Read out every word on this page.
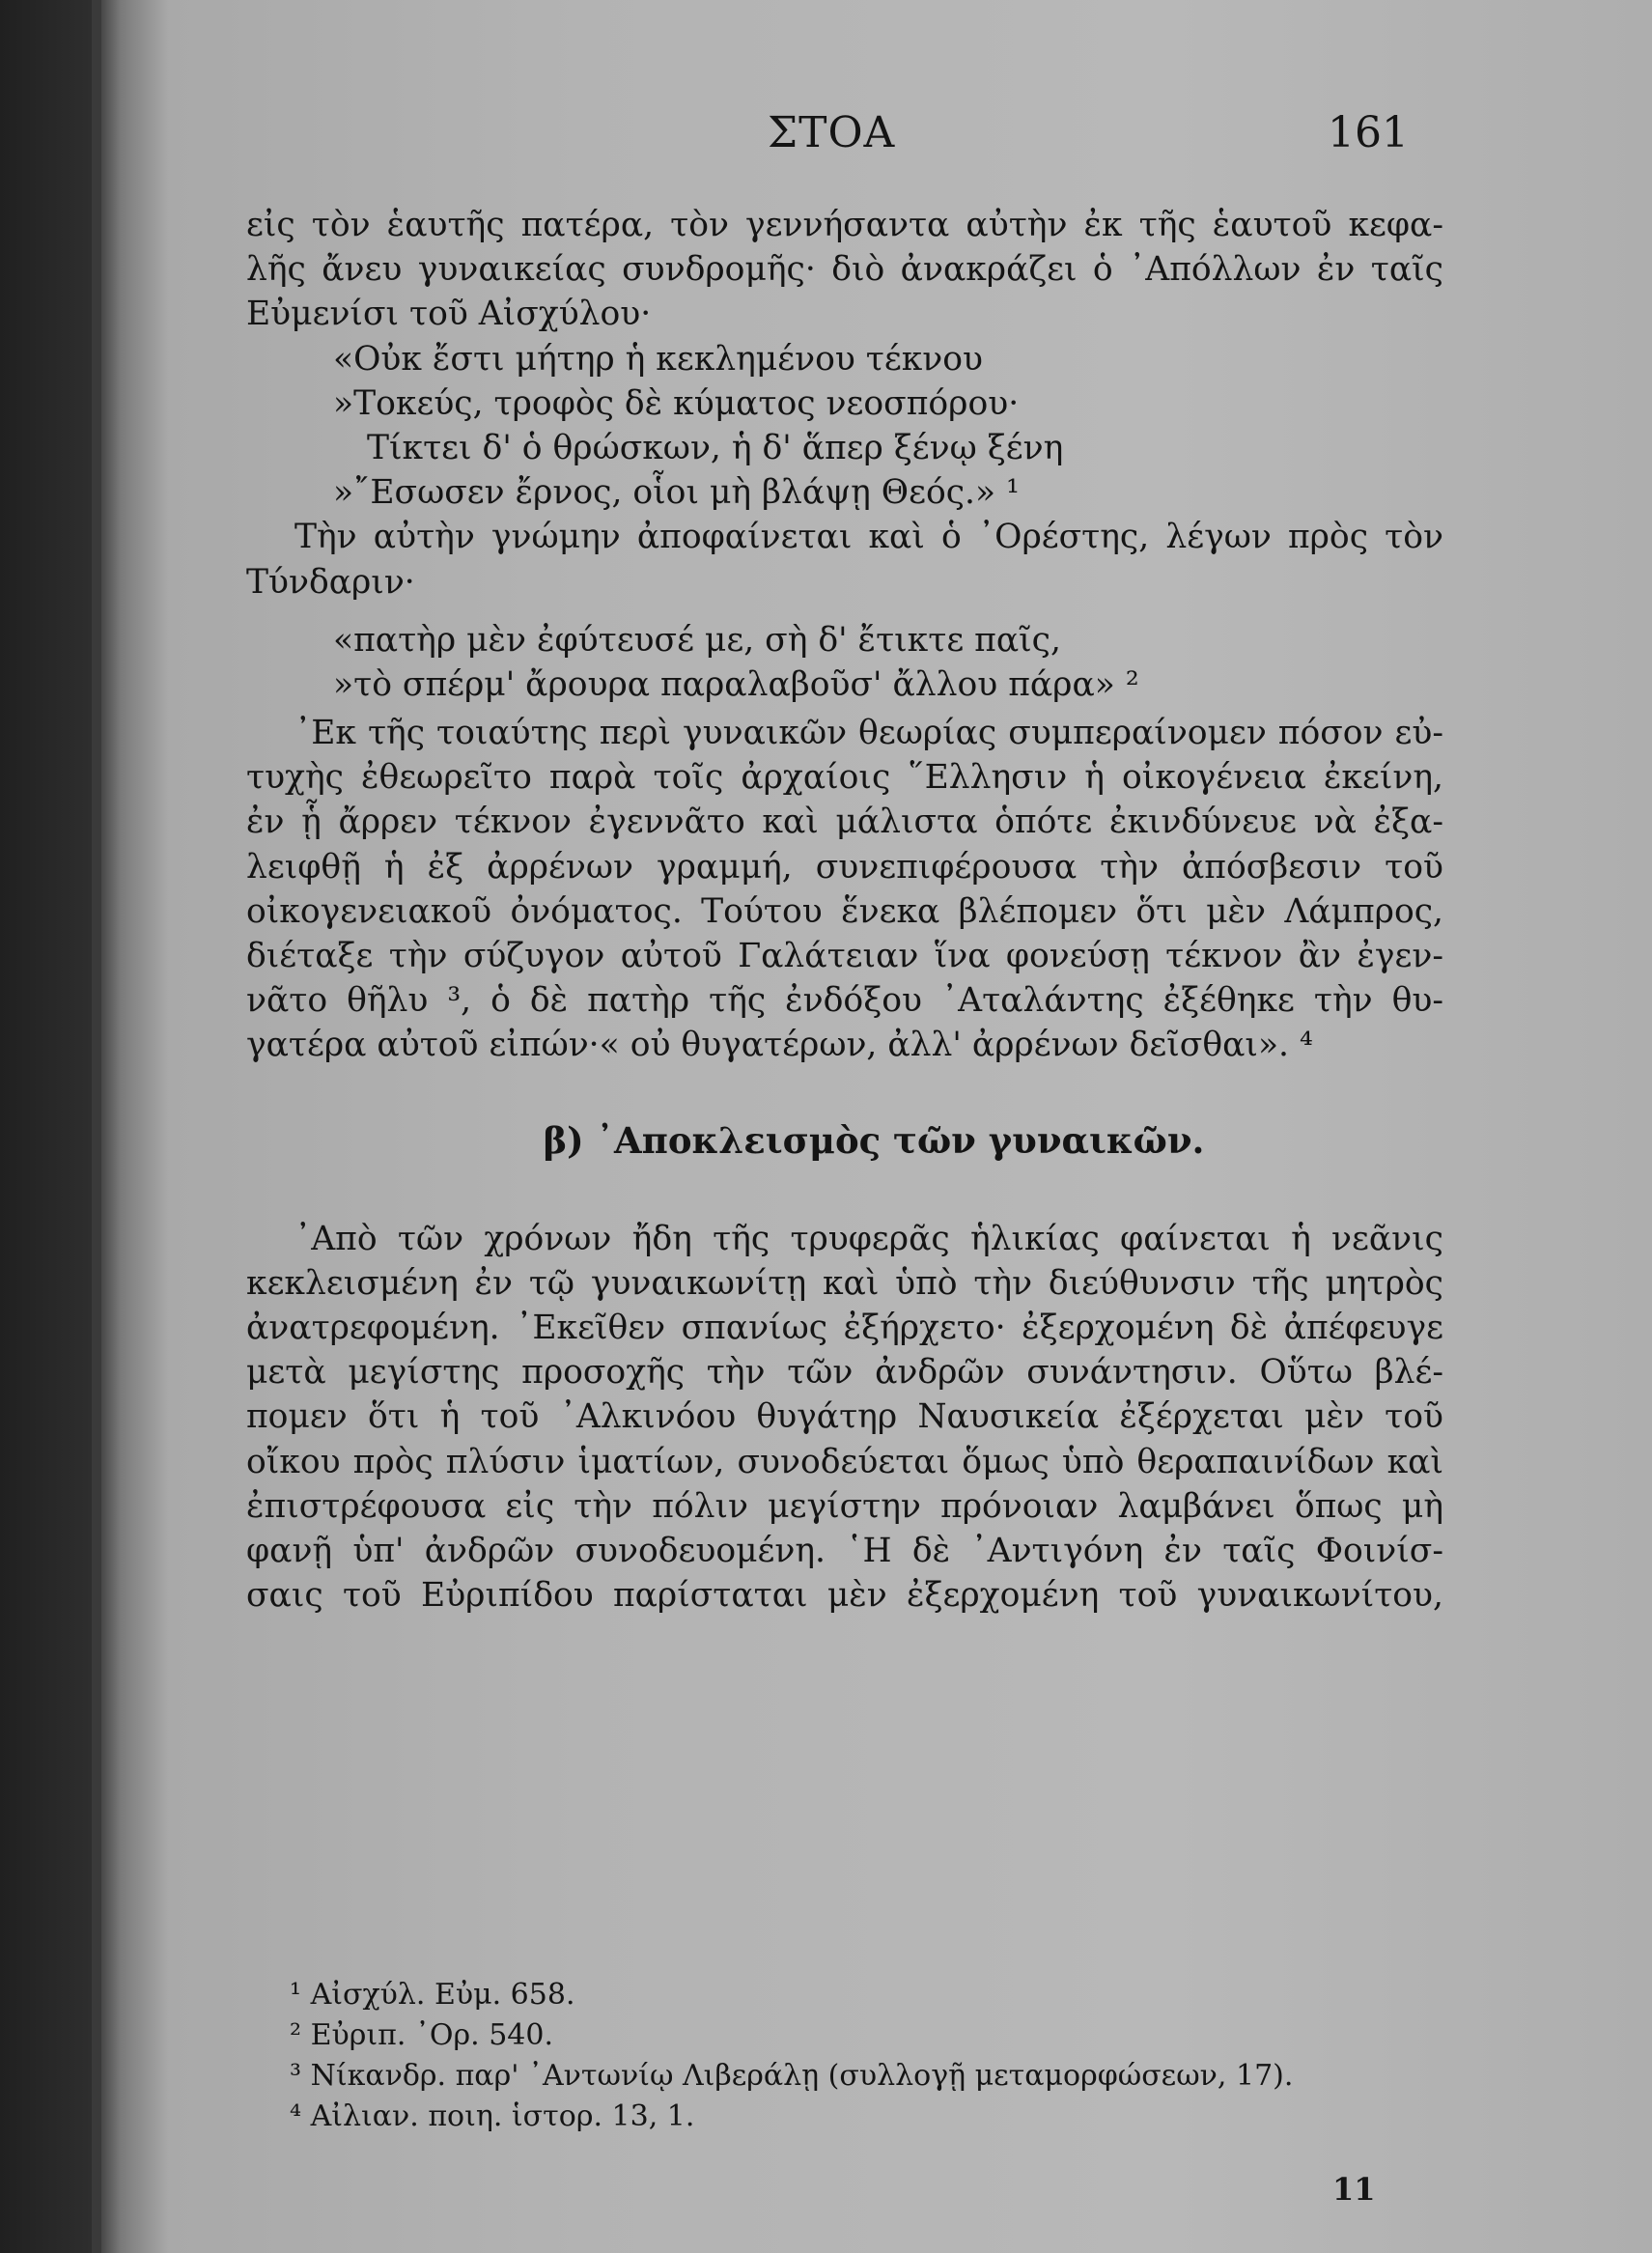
ΣΤΟΑ	161

εἰς τὸν ἑαυτῆς πατέρα, τὸν γεννήσαντα αὐτὴν ἐκ τῆς ἑαυτοῦ κεφα-

λῆς ἄνευ γυναικείας συνδρομῆς· διὸ ἀνακράζει ὁ ᾿Απόλλων ἐν ταῖς

Εὐμενίσι τοῦ Αἰσχύλου·

«Οὐκ ἔστι μήτηρ ἡ κεκλημένου τέκνου

»Τοκεύς, τροφὸς δὲ κύματος νεοσπόρου·

Τίκτει δ' ὁ θρώσκων, ἡ δ' ἅπερ ξένῳ ξένη

»῎Εσωσεν ἔρνος, οἷοι μὴ βλάψῃ Θεός.» ¹

Τὴν αὐτὴν γνώμην ἀποφαίνεται καὶ ὁ ᾿Ορέστης, λέγων πρὸς τὸν

Τύνδαριν·

«πατὴρ μὲν ἐφύτευσέ με, σὴ δ' ἔτικτε παῖς,

»τὸ σπέρμ' ἄρουρα παραλαβοῦσ' ἄλλου πάρα» ²

᾿Εκ τῆς τοιαύτης περὶ γυναικῶν θεωρίας συμπεραίνομεν πόσον εὐ-

τυχὴς ἐθεωρεῖτο παρὰ τοῖς ἀρχαίοις ῞Ελλησιν ἡ οἰκογένεια ἐκείνη,

ἐν ᾗ ἄρρεν τέκνον ἐγεννᾶτο καὶ μάλιστα ὁπότε ἐκινδύνευε νὰ ἐξα-

λειφθῇ ἡ ἐξ ἀρρένων γραμμή, συνεπιφέρουσα τὴν ἀπόσβεσιν τοῦ

οἰκογενειακοῦ ὀνόματος. Τούτου ἕνεκα βλέπομεν ὅτι μὲν Λάμπρος,

διέταξε τὴν σύζυγον αὐτοῦ Γαλάτειαν ἵνα φονεύσῃ τέκνον ἂν ἐγεν-

νᾶτο θῆλυ ³, ὁ δὲ πατὴρ τῆς ἐνδόξου ᾿Αταλάντης ἐξέθηκε τὴν θυ-

γατέρα αὐτοῦ εἰπών·« οὐ θυγατέρων, ἀλλ' ἀρρένων δεῖσθαι». ⁴

β) ᾿Αποκλεισμὸς τῶν γυναικῶν.

᾿Απὸ τῶν χρόνων ἤδη τῆς τρυφερᾶς ἡλικίας φαίνεται ἡ νεᾶνις

κεκλεισμένη ἐν τῷ γυναικωνίτῃ καὶ ὑπὸ τὴν διεύθυνσιν τῆς μητρὸς

ἀνατρεφομένη. ᾿Εκεῖθεν σπανίως ἐξήρχετο· ἐξερχομένη δὲ ἀπέφευγε

μετὰ μεγίστης προσοχῆς τὴν τῶν ἀνδρῶν συνάντησιν. Οὕτω βλέ-

πομεν ὅτι ἡ τοῦ ᾿Αλκινόου θυγάτηρ Ναυσικεία ἐξέρχεται μὲν τοῦ

οἴκου πρὸς πλύσιν ἱματίων, συνοδεύεται ὅμως ὑπὸ θεραπαινίδων καὶ

ἐπιστρέφουσα εἰς τὴν πόλιν μεγίστην πρόνοιαν λαμβάνει ὅπως μὴ

φανῇ ὑπ' ἀνδρῶν συνοδευομένη. ῾Η δὲ ᾿Αντιγόνη ἐν ταῖς Φοινίσ-

σαις τοῦ Εὐριπίδου παρίσταται μὲν ἐξερχομένη τοῦ γυναικωνίτου,

¹ Αἰσχύλ. Εὐμ. 658.
² Εὐριπ. ᾿Ορ. 540.
³ Νίκανδρ. παρ' ᾿Αντωνίῳ Λιβεράλῃ (συλλογῇ μεταμορφώσεων, 17).
⁴ Αἰλιαν. ποιη. ἱστορ. 13, 1.
11
